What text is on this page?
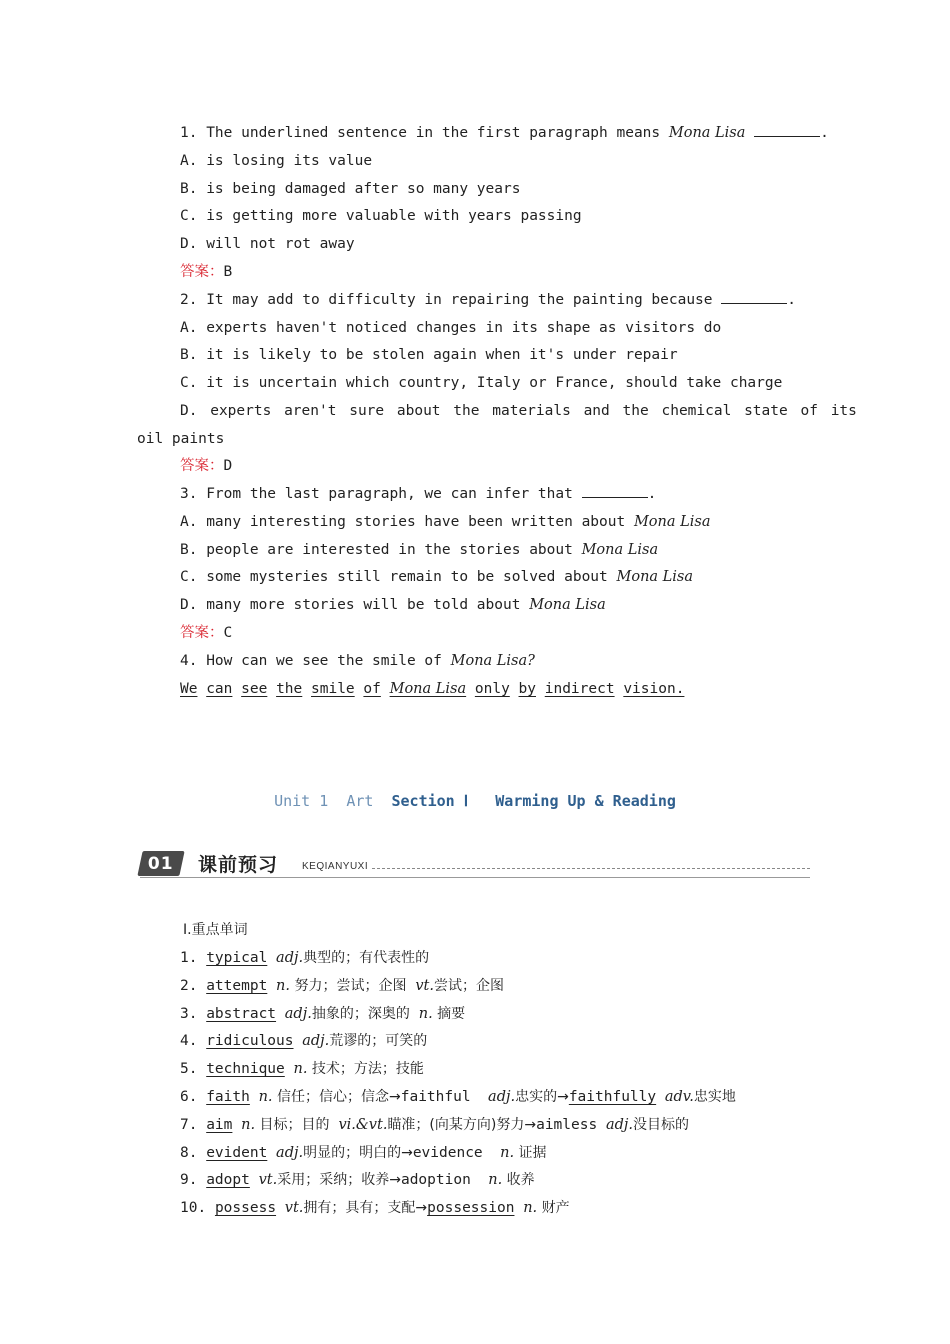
1. The underlined sentence in the first paragraph means Mona Lisa	.
A. is losing its value
B. is being damaged after so many years
C. is getting more valuable with years passing
D. will not rot away
答案：B
2. It may add to difficulty in repairing the painting because	.
A. experts haven't noticed changes in its shape as visitors do
B. it is likely to be stolen again when it's under repair
C. it is uncertain which country, Italy or France, should take charge
D. experts aren't sure about the materials and the chemical state of its
oil paints
答案：D
3. From the last paragraph, we can infer that	.
A. many interesting stories have been written about Mona Lisa
B. people are interested in the stories about Mona Lisa
C. some mysteries still remain to be solved about Mona Lisa
D. many more stories will be told about Mona Lisa
答案：C
4. How can we see the smile of Mona Lisa?
We can see the smile of Mona Lisa only by indirect vision.
Unit 1 Art Section Ⅰ Warming Up & Reading
01 课前预习 KEQIANYUXI
Ⅰ.重点单词
1. typical adj.典型的；有代表性的
2. attempt n. 努力；尝试；企图  vt.尝试；企图
3. abstract adj.抽象的；深奥的  n. 摘要
4. ridiculous adj.荒谬的；可笑的
5. technique n. 技术；方法；技能
6. faith n. 信任；信心；信念→faithful  adj.忠实的→faithfully adv.忠实地
7. aim n. 目标；目的  vi.&vt.瞄准；(向某方向)努力→aimless adj.没目标的
8. evident adj.明显的；明白的→evidence  n. 证据
9. adopt vt.采用；采纳；收养→adoption  n. 收养
10. possess vt.拥有；具有；支配→possession n. 财产
